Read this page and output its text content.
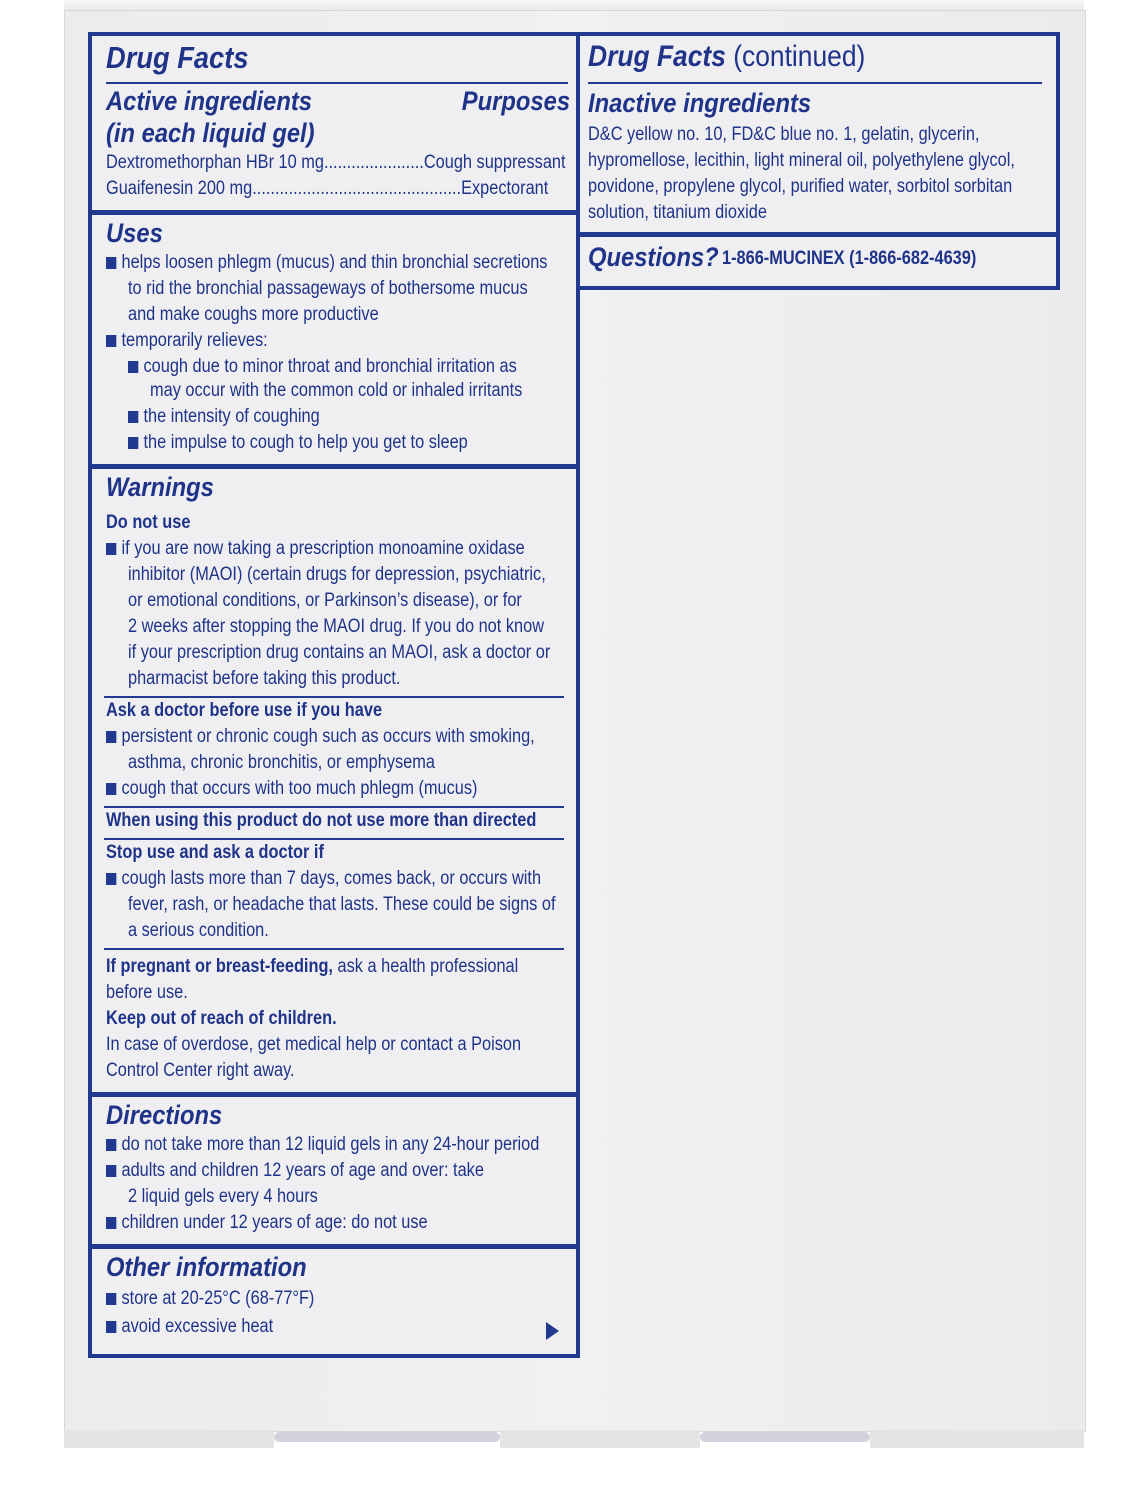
Drug Facts
Active ingredients
(in each liquid gel)
Purposes
Dextromethorphan HBr 10 mg......................Cough suppressant
Guaifenesin 200 mg..............................................Expectorant
Uses
helps loosen phlegm (mucus) and thin bronchial secretions
to rid the bronchial passageways of bothersome mucus
and make coughs more productive
temporarily relieves:
cough due to minor throat and bronchial irritation as
may occur with the common cold or inhaled irritants
the intensity of coughing
the impulse to cough to help you get to sleep
Warnings
Do not use
if you are now taking a prescription monoamine oxidase
inhibitor (MAOI) (certain drugs for depression, psychiatric,
or emotional conditions, or Parkinson’s disease), or for
2 weeks after stopping the MAOI drug. If you do not know
if your prescription drug contains an MAOI, ask a doctor or
pharmacist before taking this product.
Ask a doctor before use if you have
persistent or chronic cough such as occurs with smoking,
asthma, chronic bronchitis, or emphysema
cough that occurs with too much phlegm (mucus)
When using this product do not use more than directed
Stop use and ask a doctor if
cough lasts more than 7 days, comes back, or occurs with
fever, rash, or headache that lasts. These could be signs of
a serious condition.
If pregnant or breast-feeding, ask a health professional
before use.
Keep out of reach of children.
In case of overdose, get medical help or contact a Poison
Control Center right away.
Directions
do not take more than 12 liquid gels in any 24-hour period
adults and children 12 years of age and over: take
2 liquid gels every 4 hours
children under 12 years of age: do not use
Other information
store at 20-25°C (68-77°F)
avoid excessive heat
Drug Facts (continued)
Inactive ingredients
D&C yellow no. 10, FD&C blue no. 1, gelatin, glycerin,
hypromellose, lecithin, light mineral oil, polyethylene glycol,
povidone, propylene glycol, purified water, sorbitol sorbitan
solution, titanium dioxide
Questions? 1-866-MUCINEX (1-866-682-4639)
